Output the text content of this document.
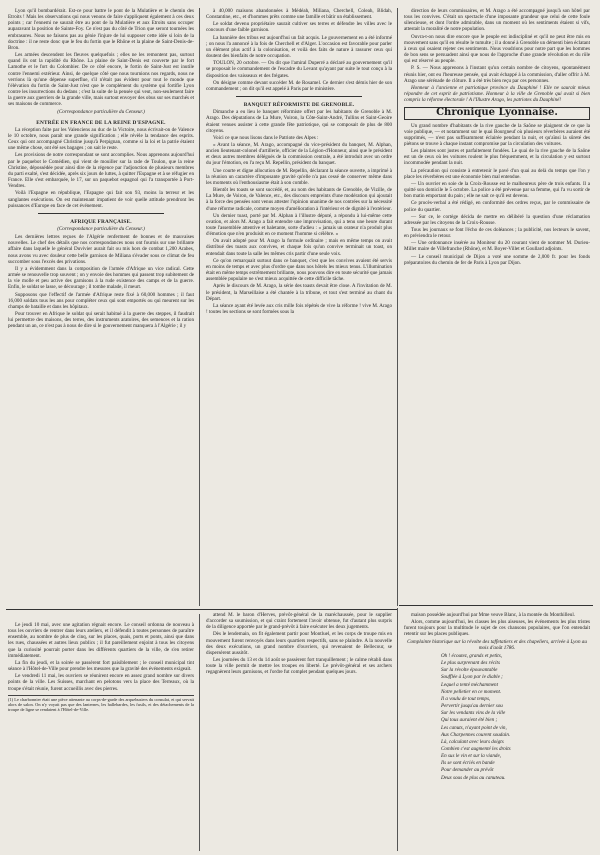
Lyon qu'il bombardérait. Est-ce pour battre le pont de la Mulatière et le chemin des Etroits ! Mais les observations qui nous venons de faire s'appliquent également à ces deux points ; car l'ennemi ne saurait être au pont de la Mulatière et aux Etroits sans occuper auparavant la position de Sainte-Foy. Ce n'est pas du côté de Trion que seront tournées les embrasures. Nous ne faisons pas au génie l'injure de lui supposer cette idée si loin de la doctrine : il ne reste donc que le feu du fortin que le Rhône et la plaine de Saint-Denis-de-Bron.

Les armées descendent les fleuves quelquefois ; elles ne les remontent pas, surtout quand ils ont la rapidité du Rhône. La plaine de Saint-Denis est couverte par le fort Lamothe et le fort du Colombier. De ce côté encore, le fortin de Saint-Just est inutile contre l'ennemi extérieur. Ainsi, de quelque côté que nous tournions nos regards, nous ne verrions là qu'une dépense superflue, s'il n'était pas évident pour tout le monde que l'élévation du fortin de Saint-Just n'est que le complément du système qui fortifie Lyon contre les insurrections du dedans ; c'est la suite de la pensée qui veut, non-seulement faire la guerre aux guerriers de la grande ville, mais surtout envoyer des obus sur ses marchés et ses maisons de commerce.

(Correspondance particulière du Censeur.)
ENTRÉE EN FRANCE DE LA REINE D'ESPAGNE.

La réception faite par les Valenciens au duc de la Victoire, nous écrivait-on de Valence le 10 octobre, nous paraît une grande signification ; elle révèle la tendance des esprits. Ceux qui ont accompagné Christine jusqu'à Perpignan, comme si la loi et la patrie étaient une même chose, ont été ses bagages ; on sait le reste.

Les provisions de notre correspondant se sont accomplies. Nous apprenons aujourd'hui par le paquebot le Comédien, qui vient de mouiller sur la rade de Toulon, que la reine Christine, dépossédée pour ainsi dire de la régence par l'adjonction de plusieurs membres du parti exalté, s'est décidée, après six jours de luttes, à quitter l'Espagne et à se réfugier en France. Elle s'est embarquée, le 17, sur un paquebot espagnol qui l'a transportée à Port-Vendres.

Voilà l'Espagne en république, l'Espagne qui fait son 93, moins la terreur et les sanglantes exécutions. On est maintenant impatient de voir quelle attitude prendront les puissances d'Europe en face de cet événement.

AFRIQUE FRANÇAISE.
(Correspondance particulière du Censeur.)

Les dernières lettres reçues de l'Algérie renferment de bonnes et de mauvaises nouvelles. Le chef des détails que nos correspondances nous ont fournis sur une brillante affaire dans laquelle le général Duvivier aurait fait ou mis hors de combat 1,200 Arabes, nous avons vu avec douleur cette belle garnison de Miliana s'évader sous ce climat de feu succomber sous l'excès des privations.

Il y a évidemment dans la composition de l'armée d'Afrique un vice radical. Cette armée se renouvelle trop souvent ; on y envoie des hommes qui passent trop subitement de la vie molle et peu active des garnisons à la rude existence des camps et de la guerre. Enfin, le soldat se lasse, se décourage ; il tombe malade, il meurt.

Supposons que l'effectif de l'armée d'Afrique reste fixé à 60,000 hommes ; il faut 16,000 soldats tous les ans pour compléter ceux qui sont emportés ou qui meurent sur les champs de bataille et dans les hôpitaux.

Pour trouver en Afrique le soldat qui serait habitué à la guerre des steppes, il faudrait lui permettre des maisons, des terres, des instruments aratoires, des semences et la ration pendant un an, ce n'est pas à nous de dire si le gouvernement manquera à l'Algérie ; il y

à 40,000 maisons abandonnées à Médéah, Miliana, Cherchell, Coleah, Blidah, Constantine, etc., et d'hommes prêts comme une famille et bâtir un établissement.

Le soldat devenu propriétaire saurait cultiver ses terres et défendre les villes avec le concours d'une faible garnison.

La bannière des tribus est aujourd'hui un fait acquis. Le gouvernement en a été informé ; on nous l'a annoncé à la fois de Cherchell et d'Alger. L'occasion est favorable pour parler un élément plus actif à la colonisation, et voilà des faits de nature à rassurer ceux qui doutent des bienfaits de notre occupation.

TOULON, 20 octobre. — On dit que l'amiral Duperré a déclaré au gouvernement qu'il se proposait le commandement de l'escadre du Levant qu'ayant par suite le tout conçu à la disposition des vaisseaux et des frégates.

On désigne comme devant succéder M. de Rosamel. Ce dernier s'est démis hier de son commandement ; on dit qu'il est appelé à Paris par le ministère.

BANQUET RÉFORMISTE DE GRENOBLE.

Dimanche a eu lieu le banquet réformiste offert par les habitants de Grenoble à M. Arago. Des députations de La Mure, Voiron, la Côte-Saint-André, Tullins et Saint-Geoire étaient venues assister à cette grande fête patriotique, qui se composait de plus de 800 citoyens.

Voici ce que nous lisons dans le Patriote des Alpes :

« Avant la séance, M. Arago, accompagné du vice-président du banquet, M. Alphan, ancien lieutenant-colonel d'artillerie, officier de la Légion-d'Honneur, ainsi que le président et deux autres membres délégués de la commission centrale, a été introduit avec un ordre du jour l'émotion, en l'a reçu M. Repellin, président du banquet.

Une courte et digne allocution de M. Repellin, déclarant la séance ouverte, a imprimé à la réunion un caractère d'imposante gravité qu'elle n'a pas cessé de conserver même dans les moments où l'enthousiasme était à son comble.

Bientôt les toasts se sont succédé, et, au nom des habitants de Grenoble, de Vizille, de La Mure, de Voiron, de Valence, etc., des discours empreints d'une modération qui ajoutait à la force des pensées sont venus attester l'opinion unanime de nos contrées sur la nécessité d'une réforme radicale, comme moyen d'amélioration à l'intérieur et de dignité à l'extérieur.

Un dernier toast, porté par M. Alphan à l'illustre député, a répondu à lui-même cette ovation, et alors M. Arago a fait entendre une improvisation, qui a tenu une heure durant toute l'assemblée attentive et haletante, sorte d'adieu : « jamais un orateur n'a produit plus d'émotion que n'en produisit en ce moment l'homme si célèbre. »

On avait adopté pour M. Arago la formule ordinaire ; mais en même temps on avait distribué des toasts aux convives, et chaque fois qu'un convive terminait un toast, on entendait dans toute la salle les mêmes cris partir d'une seule voix.

Ce qu'on remarquait surtout dans ce banquet, c'est que les convives avaient été servis en moins de temps et avec plus d'ordre que dans nos hôtels les mieux tenus. L'illumination était en même temps extrêmement brillante, nous pouvons dire en toute sécurité que jamais assemblée populaire ne s'est mieux acquittée de cette difficile tâche.

Après le discours de M. Arago, la série des toasts devait être close. A l'invitation de M. le président, la Marseillaise a été chantée à la tribune, et tout s'est terminé au chant du Départ.

La séance ayant été levée aux cris mille fois répétés de vive la réforme ! vive M. Arago ! toutes les sections se sont formées sous la

direction de leurs commissaires, et M. Arago a été accompagné jusqu'à son hôtel par tous les convives. C'était un spectacle d'une imposante grandeur que celui de cette foule silencieuse, et dont l'ordre admirable, dans un moment où les sentiments étaient si vifs, attestait la moralité de notre population.

Ouvra-t-on nous dire encore que le peuple est indiscipliné et qu'il ne peut être mis en mouvement sans qu'il en résulte le tumulte ; il a donné à Grenoble un démenti bien éclatant à ceux qui osaient rejeter ces sentiments. Nous voudrions pour notre part que les hommes de bon sens se persuadent ainsi que nous de l'approche d'une grande révolution et du rôle qui est réservé au peuple.

P. S. — Nous apprenons à l'instant qu'un certain nombre de citoyens, spontanément réunis hier, ont eu l'heureuse pensée, qui avait échappé à la commission, d'aller offrir à M. Arago une sérénade de clôture. Il a été très bien reçu par ces personnes.

Honneur à l'ancienne et patriotique province du Dauphiné ! Elle ne saurait mieux répondre de cet esprit de patriotisme. Honneur à la ville de Grenoble qui avait si bien compris la réforme électorale ! A l'Illustre Arago, les patriotes du Dauphiné!

Chronique Lyonnaise.

Un grand nombre d'habitants de la rive gauche de la Saône se plaignent de ce que la voie publique, — et notamment sur le quai Bourgneuf où plusieurs réverbères auraient été supprimés, — n'est pas suffisamment éclairée pendant la nuit, et qu'aïnsi la sûreté des piétons se trouve à chaque instant compromise par la circulation des voitures.

Les plaintes sont justes et parfaitement fondées. Le quai de la rive gauche de la Saône est un de ceux où les voitures roulent le plus fréquemment, et la circulation y est surtout incommodée pendant la nuit.

La précaution qui consiste à entretenir le pavé d'un quai au delà du temps que l'on y place les réverbères est une économie bien mal entendue.

— Un ouvrier en soie de la Croix-Rousse est le malheureux père de trois enfants. Il a quitté son domicile le 5 octobre. La police a été prévenue par sa femme, qui l'a vu sortir de bon matin emportant du pain ; elle ne sait ce qu'il est devenu.

Ce procès-verbal a été rédigé, en conformité des ordres reçus, par le commissaire de police du quartier.

— Sur ce, le cortège décida de mettre en délibéré la question d'une réclamation adressée par les citoyens de la Croix-Rousse.

Tous les journaux se font l'écho de ces doléances ; la publicité, nos lecteurs le savent, en préviendra le retour.

— Une ordonnance insérée au Moniteur du 20 courant vient de nommer M. Durieu-Millet maire de Villefranche (Rhône), et M. Boyer-Villet et Goullard adjoints.

— Le conseil municipal de Dijon a voté une somme de 2,000 fr. pour les fonds préparatoires du chemin de fer de Paris à Lyon par Dijon.

Le jeudi 10 mai, avec une agitation régnait encore. Le conseil ordonna de nouveau à tous les ouvriers de rentrer dans leurs ateliers, et il défendit à toutes personnes de paraître ensemble, au nombre de plus de cinq, sur les places, quais, ports et ponts, ainsi que dans les rues, chaussées et autres lieux publics ; il fut pareillement enjoint à tous les citoyens que la curiosité pourrait porter dans les différents quartiers de la ville, de s'en retirer immédiatement.

La fin du jeudi, et la soirée se passèrent fort paisiblement ; le conseil municipal tint séance à l'Hôtel-de-Ville pour prendre les mesures que la gravité des événements exigeait.

Le vendredi 11 mai, les ouvriers se réunirent encore en assez grand nombre sur divers points de la ville. Les Suisses, marchant en pelotons vers la place des Terreaux, où la troupe s'était réunie, furent accueillis avec des pierres.

(1) Le charbonnier était une pièce attenante au corps-de-garde des arquebusiers du consulat, et qui servait alors de salon. On n'y voyait pas que des lanternes, les hallebardes, les fusils, et des détachements de la troupe de ligne se rendaient à l'Hôtel-de-Ville.

attend M. le baron d'Herves, prévôt-général de la maréchaussée, pour le supplier d'accorder sa soumission, et qui craint fortement l'avoir obtenue, fut d'autant plus surpris de la diligence apportée par le grand-prévôt à faire exécuter les deux jugements.

Dès le lendemain, on fit également partir pour Montluel, et les corps de troupe mis en mouvement furent renvoyés dans leurs quartiers respectifs, sans se plaindre. A la nouvelle des deux exécutions, un grand nombre d'ouvriers, qui revenaient de Bellecour, se dispersèrent aussitôt.

Les journées du 13 et du 14 août se passèrent fort tranquillement ; le calme rétabli dans toute la ville permit de mettre les troupes en liberté. Le prévôt-général et ses archers regagnèrent leurs garnisons, et l'ordre fut complet pendant quelques jours.

maison possédée aujourd'hui par Mme veuve Blanc, à la montée du Monthilleul.

Alors, comme aujourd'hui, les classes les plus aiseuses, les événements les plus tristes furent toujours pour la multitude le sujet de ces chansons populaires, que l'on entendait retentir sur les places publiques.

Complainte historique sur la révolte des taffetatiers et des chapeliers, arrivée à Lyon au mois d'août 1786.

Oh ! écoutez, grands et petits,

Le plus surprenant des récits

Sur la révolte épouvantable

Soufflée à Lyon par le diable ;

Lequel a tenté méchamment

Notre pelletier en ce moment.

Il a voulu de tout temps,

Pervertir jusqu'au dernier sou

Sur les vendants vins de la ville

Qui tous auraient été bien ;

Les canuts, n'ayant point de vin,

Aux Charpennes courent soudain.

Là, calculant avec leurs doigts

Combien c'est augmenté les droits

En sus le vin et sur la viande,

Ils se sont écriés en bande

Pour demander au prévôt

Deux sous de plus au canuteau.
